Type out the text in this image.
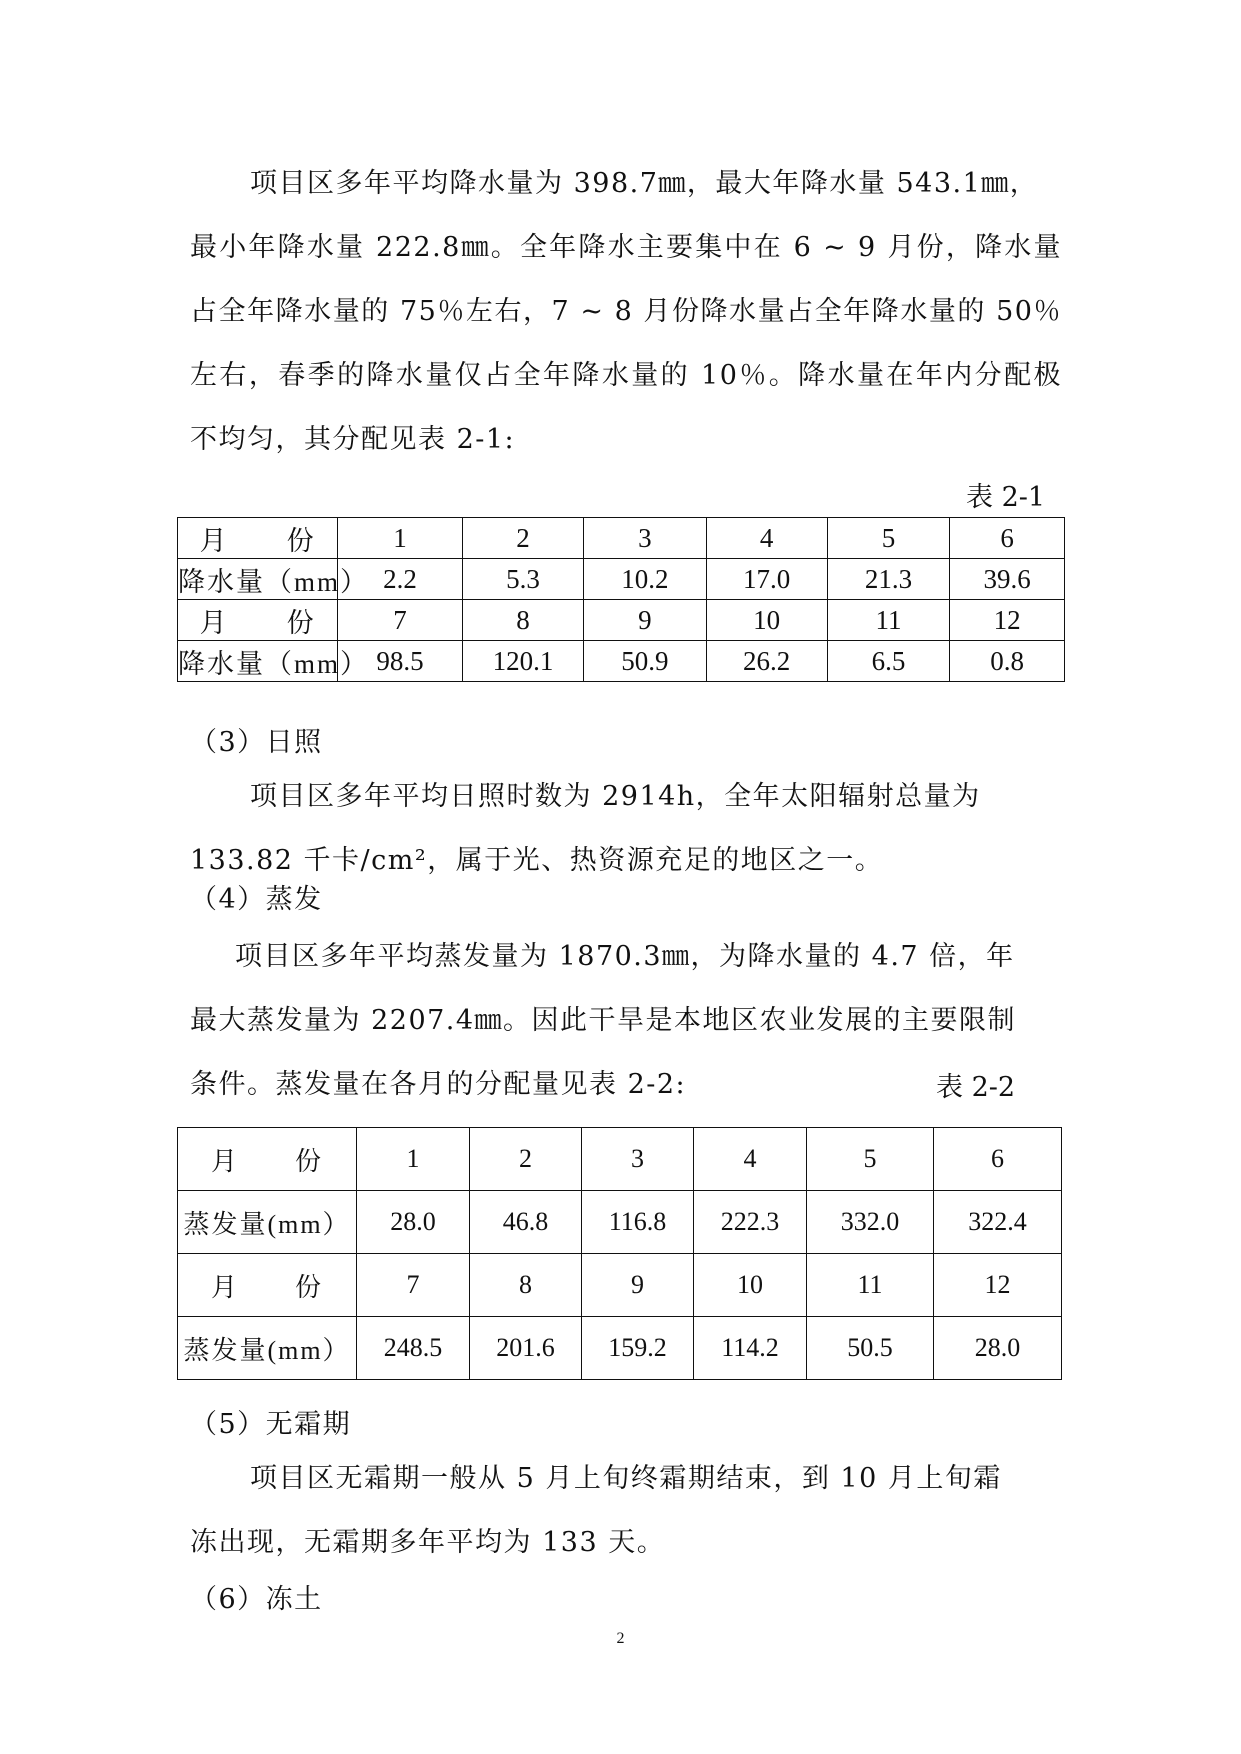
项目区多年平均降水量为 398.7㎜，最大年降水量 543.1㎜，
最小年降水量 222.8㎜。全年降水主要集中在 6 ~ 9 月份，降水量占全年降水量的 75％左右，7 ~ 8 月份降水量占全年降水量的 50％左右，春季的降水量仅占全年降水量的 10％。降水量在年内分配极不均匀，其分配见表 2-1:
表 2-1
月　　份	1	2	3	4	5	6
降水量（mm）	2.2	5.3	10.2	17.0	21.3	39.6
月　　份	7	8	9	10	11	12
降水量（mm）	98.5	120.1	50.9	26.2	6.5	0.8
（3）日照
项目区多年平均日照时数为 2914h，全年太阳辐射总量为
133.82 千卡/cm²，属于光、热资源充足的地区之一。
（4）蒸发
项目区多年平均蒸发量为 1870.3㎜，为降水量的 4.7 倍，年
最大蒸发量为 2207.4㎜。因此干旱是本地区农业发展的主要限制
条件。蒸发量在各月的分配量见表 2-2:	表 2-2
月　　份	1	2	3	4	5	6
蒸发量(mm）	28.0	46.8	116.8	222.3	332.0	322.4
月　　份	7	8	9	10	11	12
蒸发量(mm）	248.5	201.6	159.2	114.2	50.5	28.0
（5）无霜期
项目区无霜期一般从 5 月上旬终霜期结束，到 10 月上旬霜
冻出现，无霜期多年平均为 133 天。
（6）冻土
2
